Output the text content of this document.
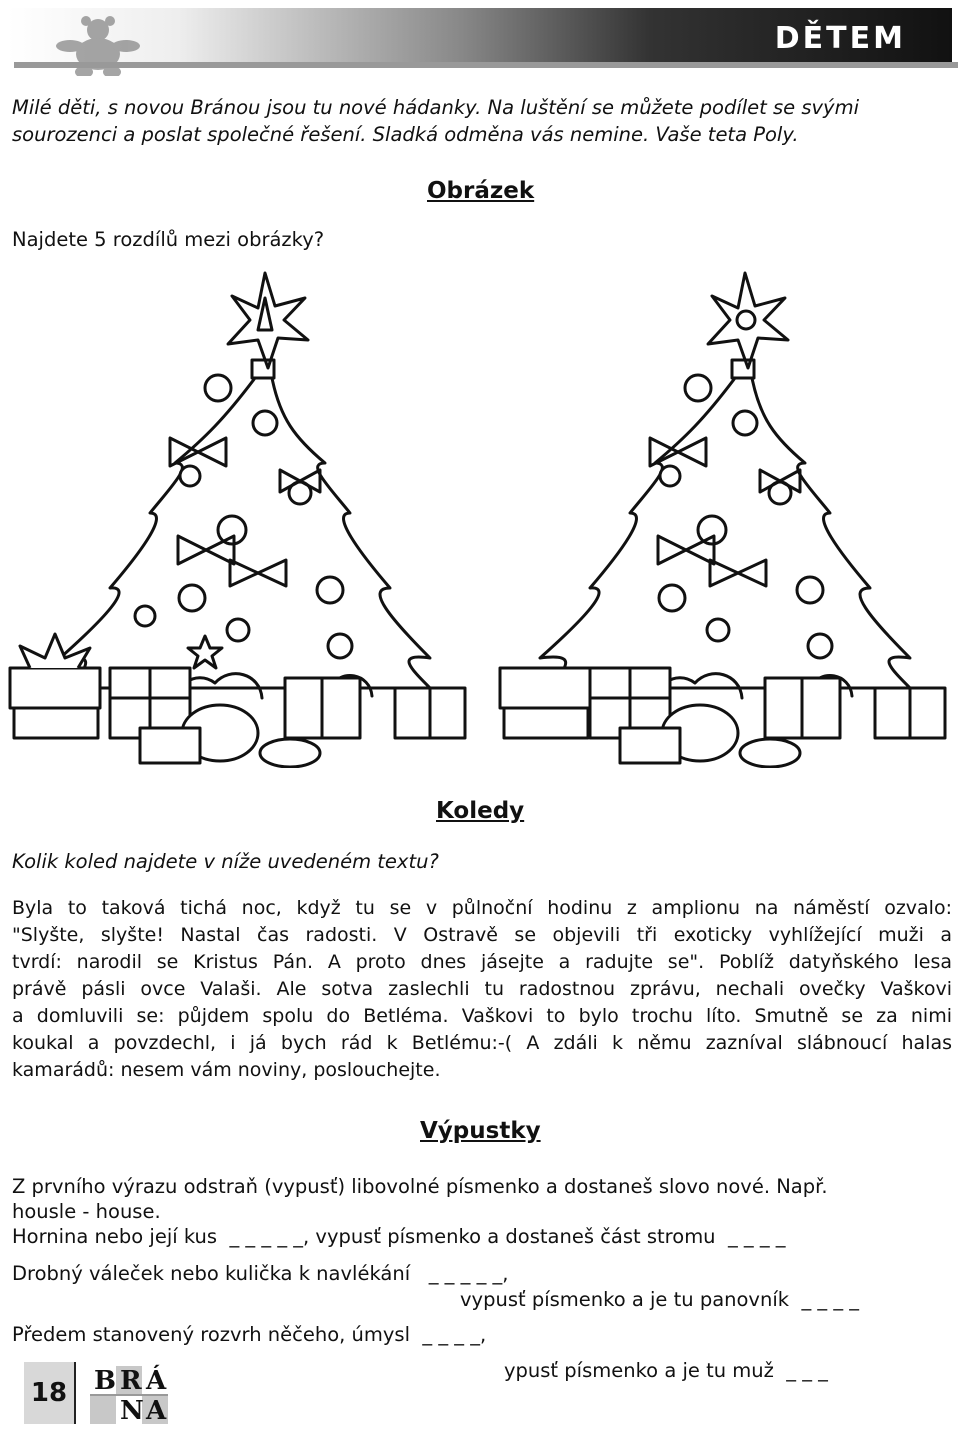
DĚTEM
Milé děti, s novou Bránou jsou tu nové hádanky. Na luštění se můžete podílet se svými
sourozenci a poslat společné řešení. Sladká odměna vás nemine. Vaše teta Poly.
Obrázek
Najdete 5 rozdílů mezi obrázky?
Koledy
Kolik koled najdete v níže uvedeném textu?
Byla to taková tichá noc, když tu se v půlnoční hodinu z amplionu na náměstí ozvalo:
"Slyšte, slyšte! Nastal čas radosti. V Ostravě se objevili tři exoticky vyhlížející muži a
tvrdí: narodil se Kristus Pán. A proto dnes jásejte a radujte se". Poblíž datyňského lesa
právě pásli ovce Valaši. Ale sotva zaslechli tu radostnou zprávu, nechali ovečky Vaškovi
a domluvili se: půjdem spolu do Betléma. Vaškovi to bylo trochu líto. Smutně se za nimi
koukal a povzdechl, i já bych rád k Betlému:-( A zdáli k němu zazníval slábnoucí halas
kamarádů: nesem vám noviny, poslouchejte.
Výpustky
Z prvního výrazu odstraň (vypusť) libovolné písmenko a dostaneš slovo nové. Např.
housle - house.
Hornina nebo její kus  _ _ _ _ _, vypusť písmenko a dostaneš část stromu  _ _ _ _
Drobný váleček nebo kulička k navlékání   _ _ _ _ _,
vypusť písmenko a je tu panovník  _ _ _ _
Předem stanovený rozvrh něčeho, úmysl  _ _ _ _,
ypusť písmenko a je tu muž  _ _ _
18	B R Á
N A
